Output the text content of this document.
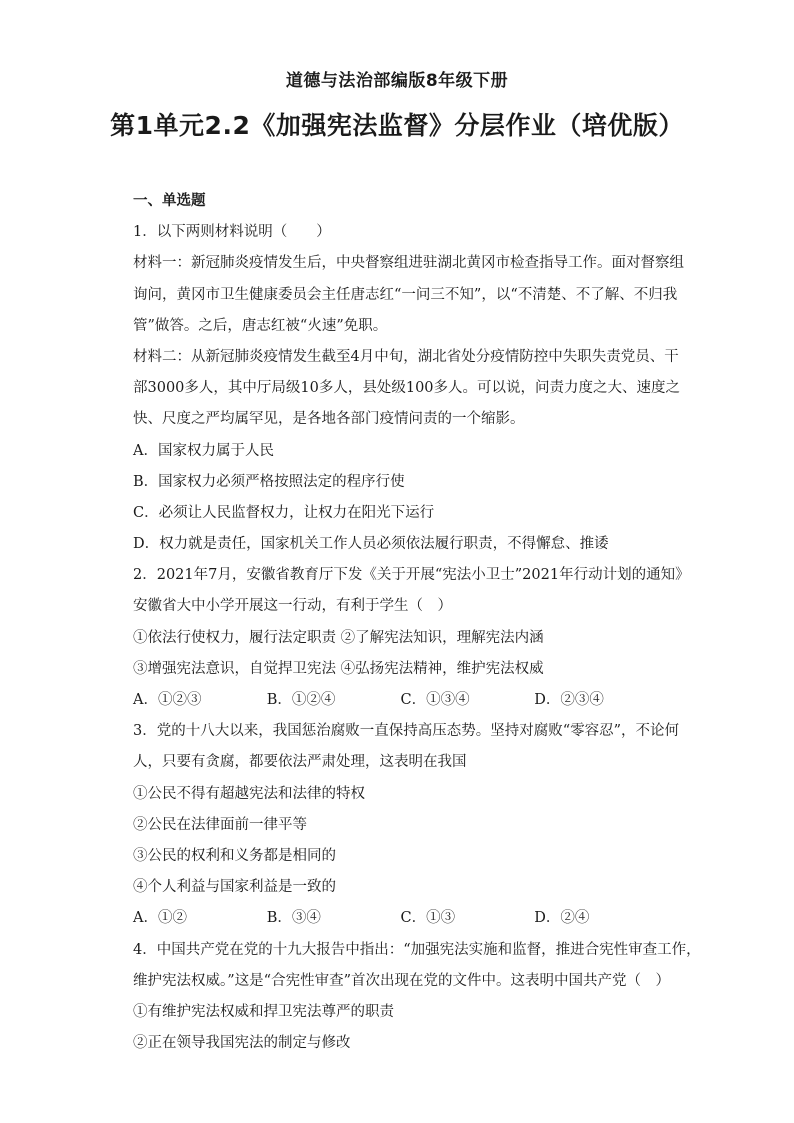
道德与法治部编版8年级下册
第1单元2.2《加强宪法监督》分层作业（培优版）
一、单选题
1．以下两则材料说明（　　）
材料一：新冠肺炎疫情发生后，中央督察组进驻湖北黄冈市检查指导工作。面对督察组
询问，黄冈市卫生健康委员会主任唐志红“一问三不知”，以“不清楚、不了解、不归我
管”做答。之后，唐志红被“火速”免职。
材料二：从新冠肺炎疫情发生截至4月中旬，湖北省处分疫情防控中失职失责党员、干
部3000多人，其中厅局级10多人，县处级100多人。可以说，问责力度之大、速度之
快、尺度之严均属罕见，是各地各部门疫情问责的一个缩影。
A．国家权力属于人民
B．国家权力必须严格按照法定的程序行使
C．必须让人民监督权力，让权力在阳光下运行
D．权力就是责任，国家机关工作人员必须依法履行职责，不得懈怠、推诿
2．2021年7月，安徽省教育厅下发《关于开展“宪法小卫士”2021年行动计划的通知》
安徽省大中小学开展这一行动，有利于学生（　）
①依法行使权力，履行法定职责 ②了解宪法知识，理解宪法内涵
③增强宪法意识，自觉捍卫宪法 ④弘扬宪法精神，维护宪法权威
A．①②③	B．①②④	C．①③④	D．②③④
3．党的十八大以来，我国惩治腐败一直保持高压态势。坚持对腐败“零容忍”，不论何
人，只要有贪腐，都要依法严肃处理，这表明在我国
①公民不得有超越宪法和法律的特权
②公民在法律面前一律平等
③公民的权利和义务都是相同的
④个人利益与国家利益是一致的
A．①②	B．③④	C．①③	D．②④
4．中国共产党在党的十九大报告中指出：“加强宪法实施和监督，推进合宪性审查工作，
维护宪法权威。”这是“合宪性审查”首次出现在党的文件中。这表明中国共产党（　）
①有维护宪法权威和捍卫宪法尊严的职责
②正在领导我国宪法的制定与修改
